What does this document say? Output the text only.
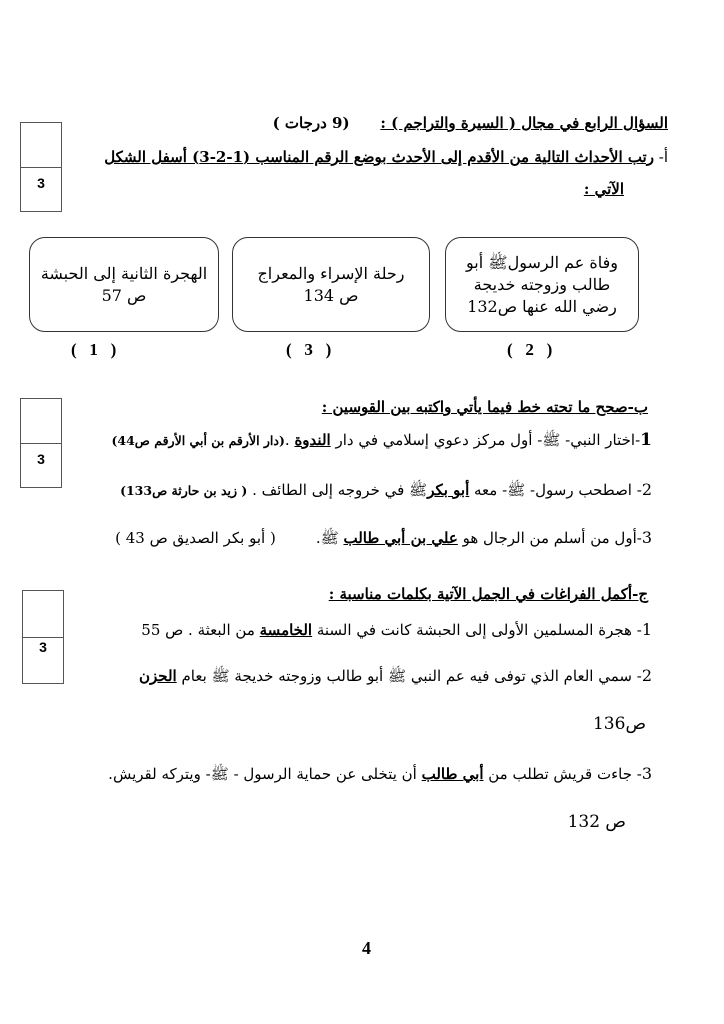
السؤال الرابع في مجال ( السيرة والتراجم ) : (9 درجات )
أ- رتب الأحداث التالية من الأقدم إلى الأحدث بوضع الرقم المناسب (1-2-3) أسفل الشكل
الآتي :
3
الهجرة الثانية إلى الحبشة
ص 57
رحلة الإسراء والمعراج
ص 134
وفاة عم الرسولﷺ أبو
طالب وزوجته خديجة
رضي الله عنها ص132
(   1   )	(   3   )	(   2   )
ب-صحح ما تحته خط فيما يأتي واكتبه بين القوسين :
3
1-اختار النبي- ﷺ- أول مركز دعوي إسلامي في دار الندوة .(دار الأرقم بن أبي الأرقم ص44)
2- اصطحب رسول- ﷺ- معه أبو بكرﷺ في خروجه إلى الطائف . ( زيد بن حارثة ص133)
3-أول من أسلم من الرجال هو علي بن أبي طالب ﷺ.( أبو بكر الصديق ص 43 )
ج-أكمل الفراغات في الجمل الآتية بكلمات مناسبة :
3
1- هجرة المسلمين الأولى إلى الحبشة كانت في السنة الخامسة من البعثة . ص 55
2- سمي العام الذي توفى فيه عم النبي ﷺ أبو طالب وزوجته خديجة ﷺ بعام الحزن
ص136
3- جاءت قريش تطلب من أبي طالب أن يتخلى عن حماية الرسول - ﷺ- ويتركه لقريش.
ص 132
4
